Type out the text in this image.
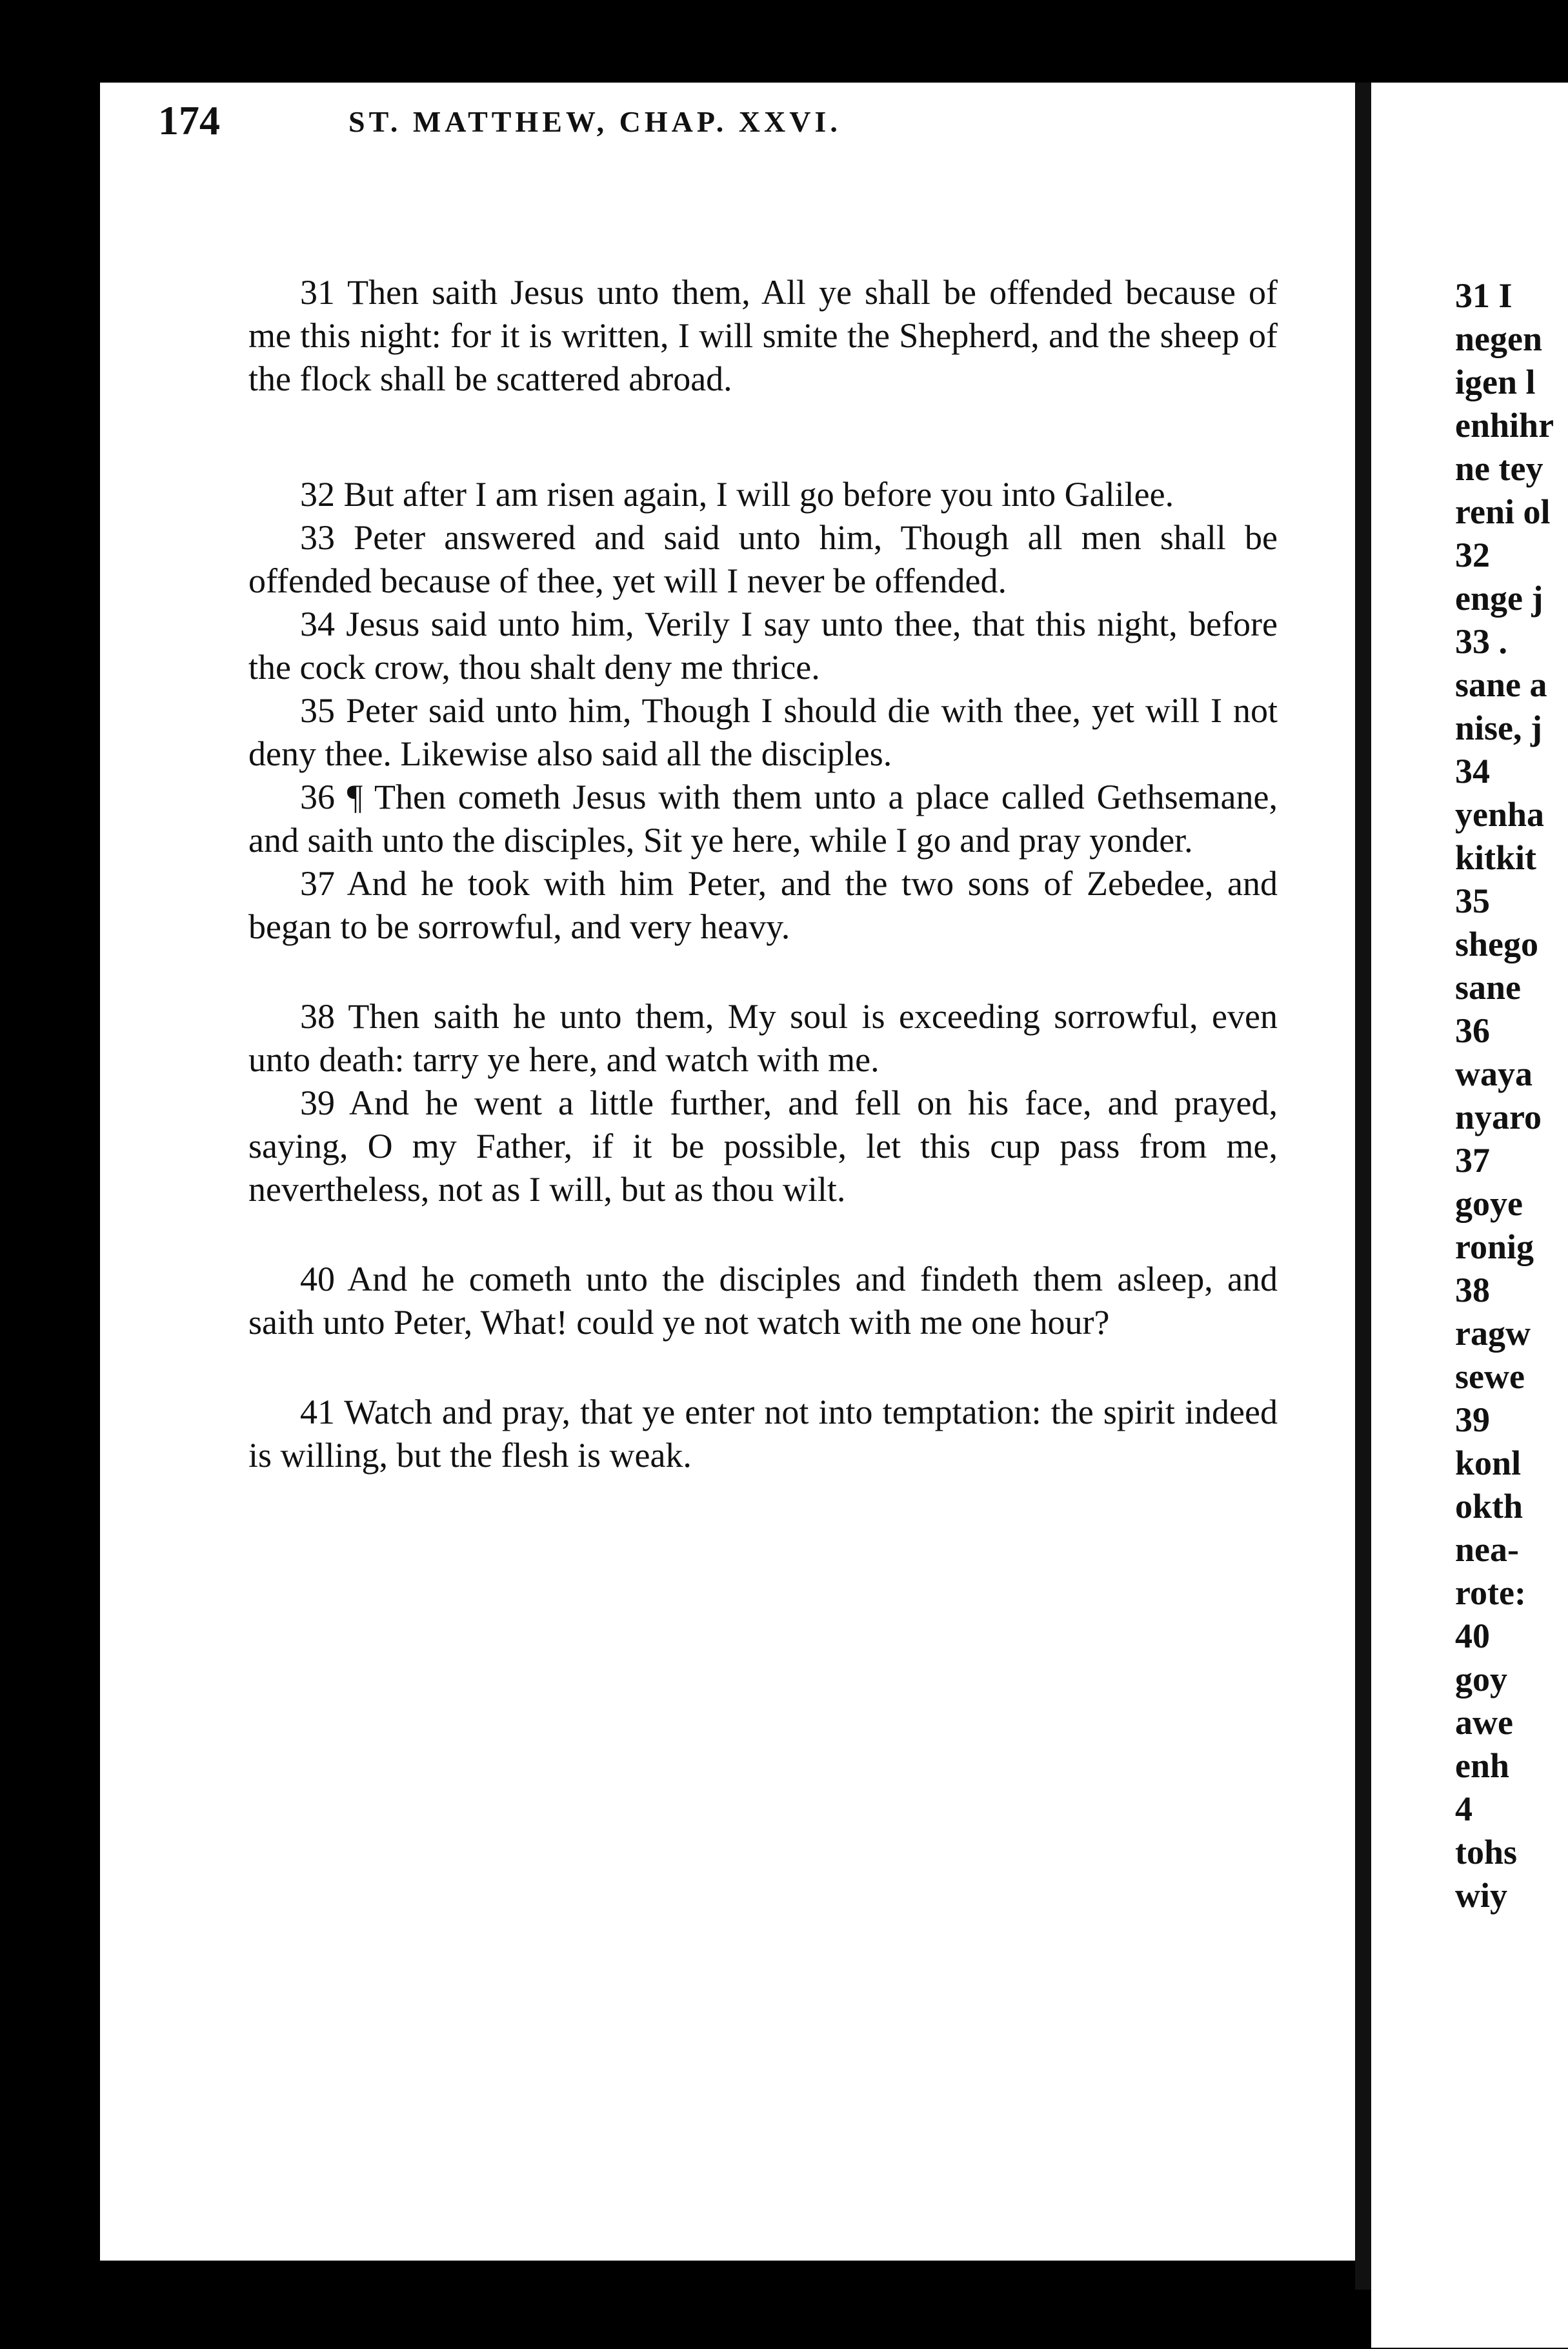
174	ST. MATTHEW, CHAP. XXVI.

31 Then saith Jesus unto them, All ye shall be offended because of me this night: for it is written, I will smite the Shepherd, and the sheep of the flock shall be scattered abroad.

32 But after I am risen again, I will go before you into Galilee.

33 Peter answered and said unto him, Though all men shall be offended because of thee, yet will I never be offended.

34 Jesus said unto him, Verily I say unto thee, that this night, before the cock crow, thou shalt deny me thrice.

35 Peter said unto him, Though I should die with thee, yet will I not deny thee. Likewise also said all the disciples.

36 ¶ Then cometh Jesus with them unto a place called Gethsemane, and saith unto the disciples, Sit ye here, while I go and pray yonder.

37 And he took with him Peter, and the two sons of Zebedee, and began to be sorrowful, and very heavy.

38 Then saith he unto them, My soul is exceeding sorrowful, even unto death: tarry ye here, and watch with me.

39 And he went a little further, and fell on his face, and prayed, saying, O my Father, if it be possible, let this cup pass from me, nevertheless, not as I will, but as thou wilt.

40 And he cometh unto the disciples and findeth them asleep, and saith unto Peter, What! could ye not watch with me one hour?

41 Watch and pray, that ye enter not into temptation: the spirit indeed is willing, but the flesh is weak.

31 I
negen
igen l
enhihr
ne tey
reni ol
32
enge j
33 .
sane a
nise, j
34
yenha
kitkit
35
shego
sane
36
waya
nyaro
37
goye
ronig
38
ragw
sewe
39
konl
okth
nea-
rote:
40
goy
awe
enh
4
tohs
wiy
